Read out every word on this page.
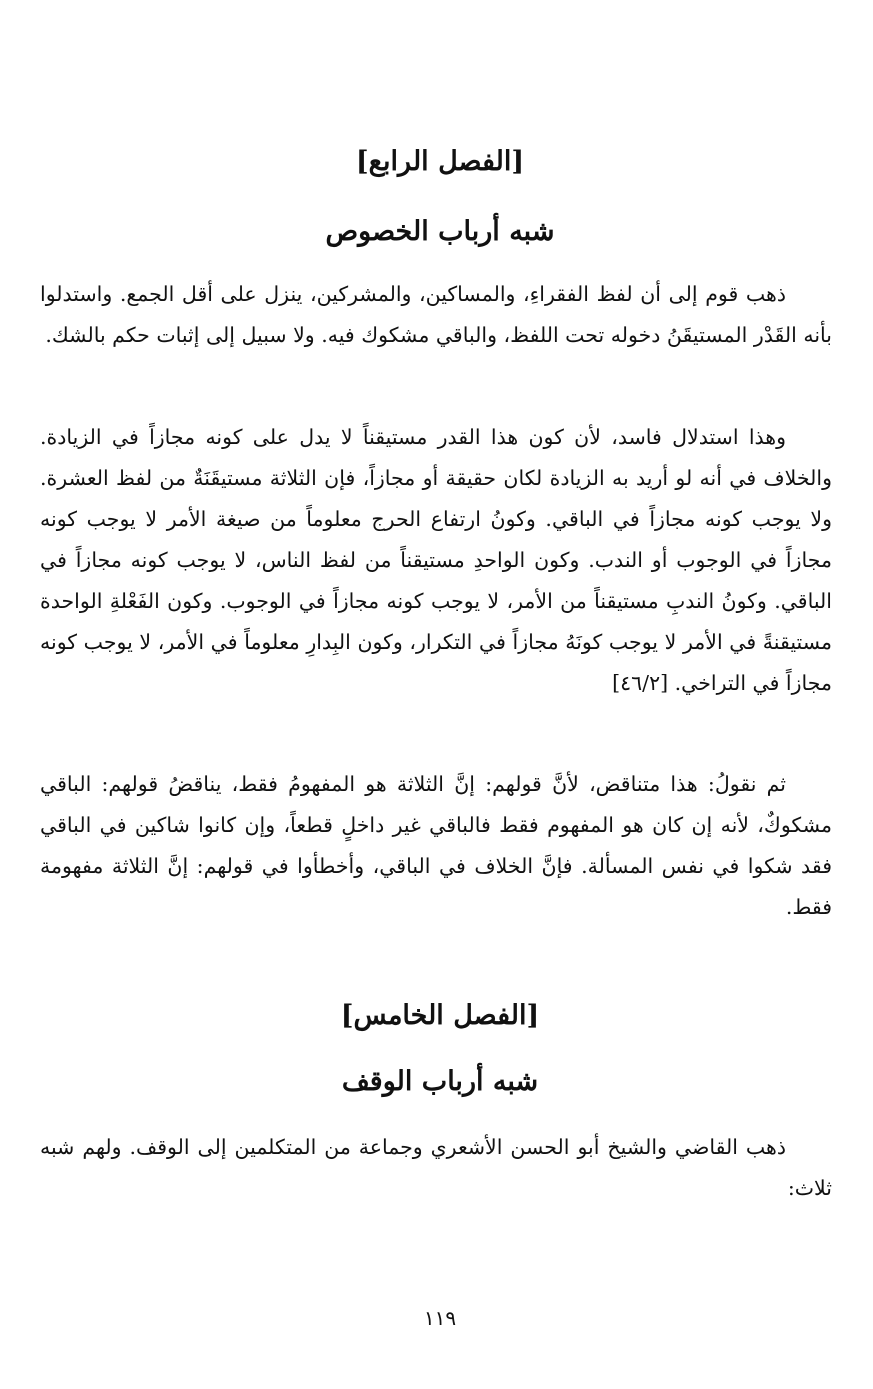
[الفصل الرابع]
شبه أرباب الخصوص

ذهب قوم إلى أن لفظ الفقراءِ، والمساكين، والمشركين، ينزل على أقل الجمع. واستدلوا بأنه القَدْر المستيقَنُ دخوله تحت اللفظ، والباقي مشكوك فيه. ولا سبيل إلى إثبات حكم بالشك.

وهذا استدلال فاسد، لأن كون هذا القدر مستيقناً لا يدل على كونه مجازاً في الزيادة. والخلاف في أنه لو أريد به الزيادة لكان حقيقة أو مجازاً، فإن الثلاثة مستيقَنَةٌ من لفظ العشرة. ولا يوجب كونه مجازاً في الباقي. وكونُ ارتفاع الحرج معلوماً من صيغة الأمر لا يوجب كونه مجازاً في الوجوب أو الندب. وكون الواحدِ مستيقناً من لفظ الناس، لا يوجب كونه مجازاً في الباقي. وكونُ الندبِ مستيقناً من الأمر، لا يوجب كونه مجازاً في الوجوب. وكون الفَعْلةِ الواحدة مستيقنةً في الأمر لا يوجب كونَهُ مجازاً في التكرار، وكون البِدارِ معلوماً في الأمر، لا يوجب كونه مجازاً في التراخي. [٤٦/٢]

ثم نقولُ: هذا متناقض، لأنَّ قولهم: إنَّ الثلاثة هو المفهومُ فقط، يناقضُ قولهم: الباقي مشكوكٌ، لأنه إن كان هو المفهوم فقط فالباقي غير داخلٍ قطعاً، وإن كانوا شاكين في الباقي فقد شكوا في نفس المسألة. فإنَّ الخلاف في الباقي، وأخطأوا في قولهم: إنَّ الثلاثة مفهومة فقط.

[الفصل الخامس]
شبه أرباب الوقف

ذهب القاضي والشيخ أبو الحسن الأشعري وجماعة من المتكلمين إلى الوقف. ولهم شبه ثلاث:

١١٩
